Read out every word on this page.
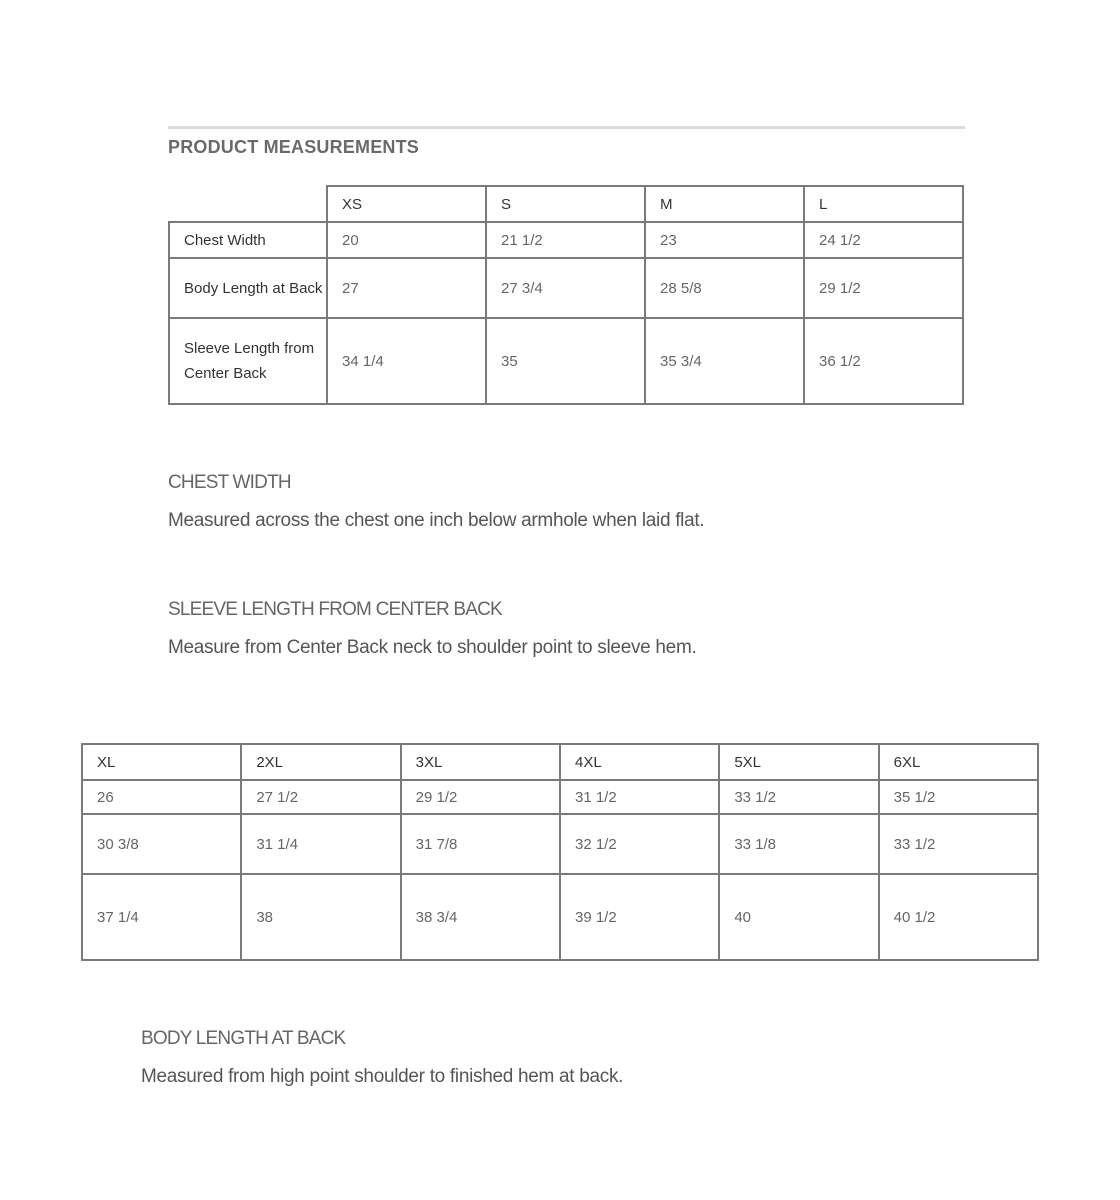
PRODUCT MEASUREMENTS
	XS	S	M	L
Chest Width	20	21 1/2	23	24 1/2
Body Length at Back	27	27 3/4	28 5/8	29 1/2
Sleeve Length from Center Back	34 1/4	35	35 3/4	36 1/2
CHEST WIDTH
Measured across the chest one inch below armhole when laid flat.
SLEEVE LENGTH FROM CENTER BACK
Measure from Center Back neck to shoulder point to sleeve hem.
XL	2XL	3XL	4XL	5XL	6XL
26	27 1/2	29 1/2	31 1/2	33 1/2	35 1/2
30 3/8	31 1/4	31 7/8	32 1/2	33 1/8	33 1/2
37 1/4	38	38 3/4	39 1/2	40	40 1/2
BODY LENGTH AT BACK
Measured from high point shoulder to finished hem at back.
